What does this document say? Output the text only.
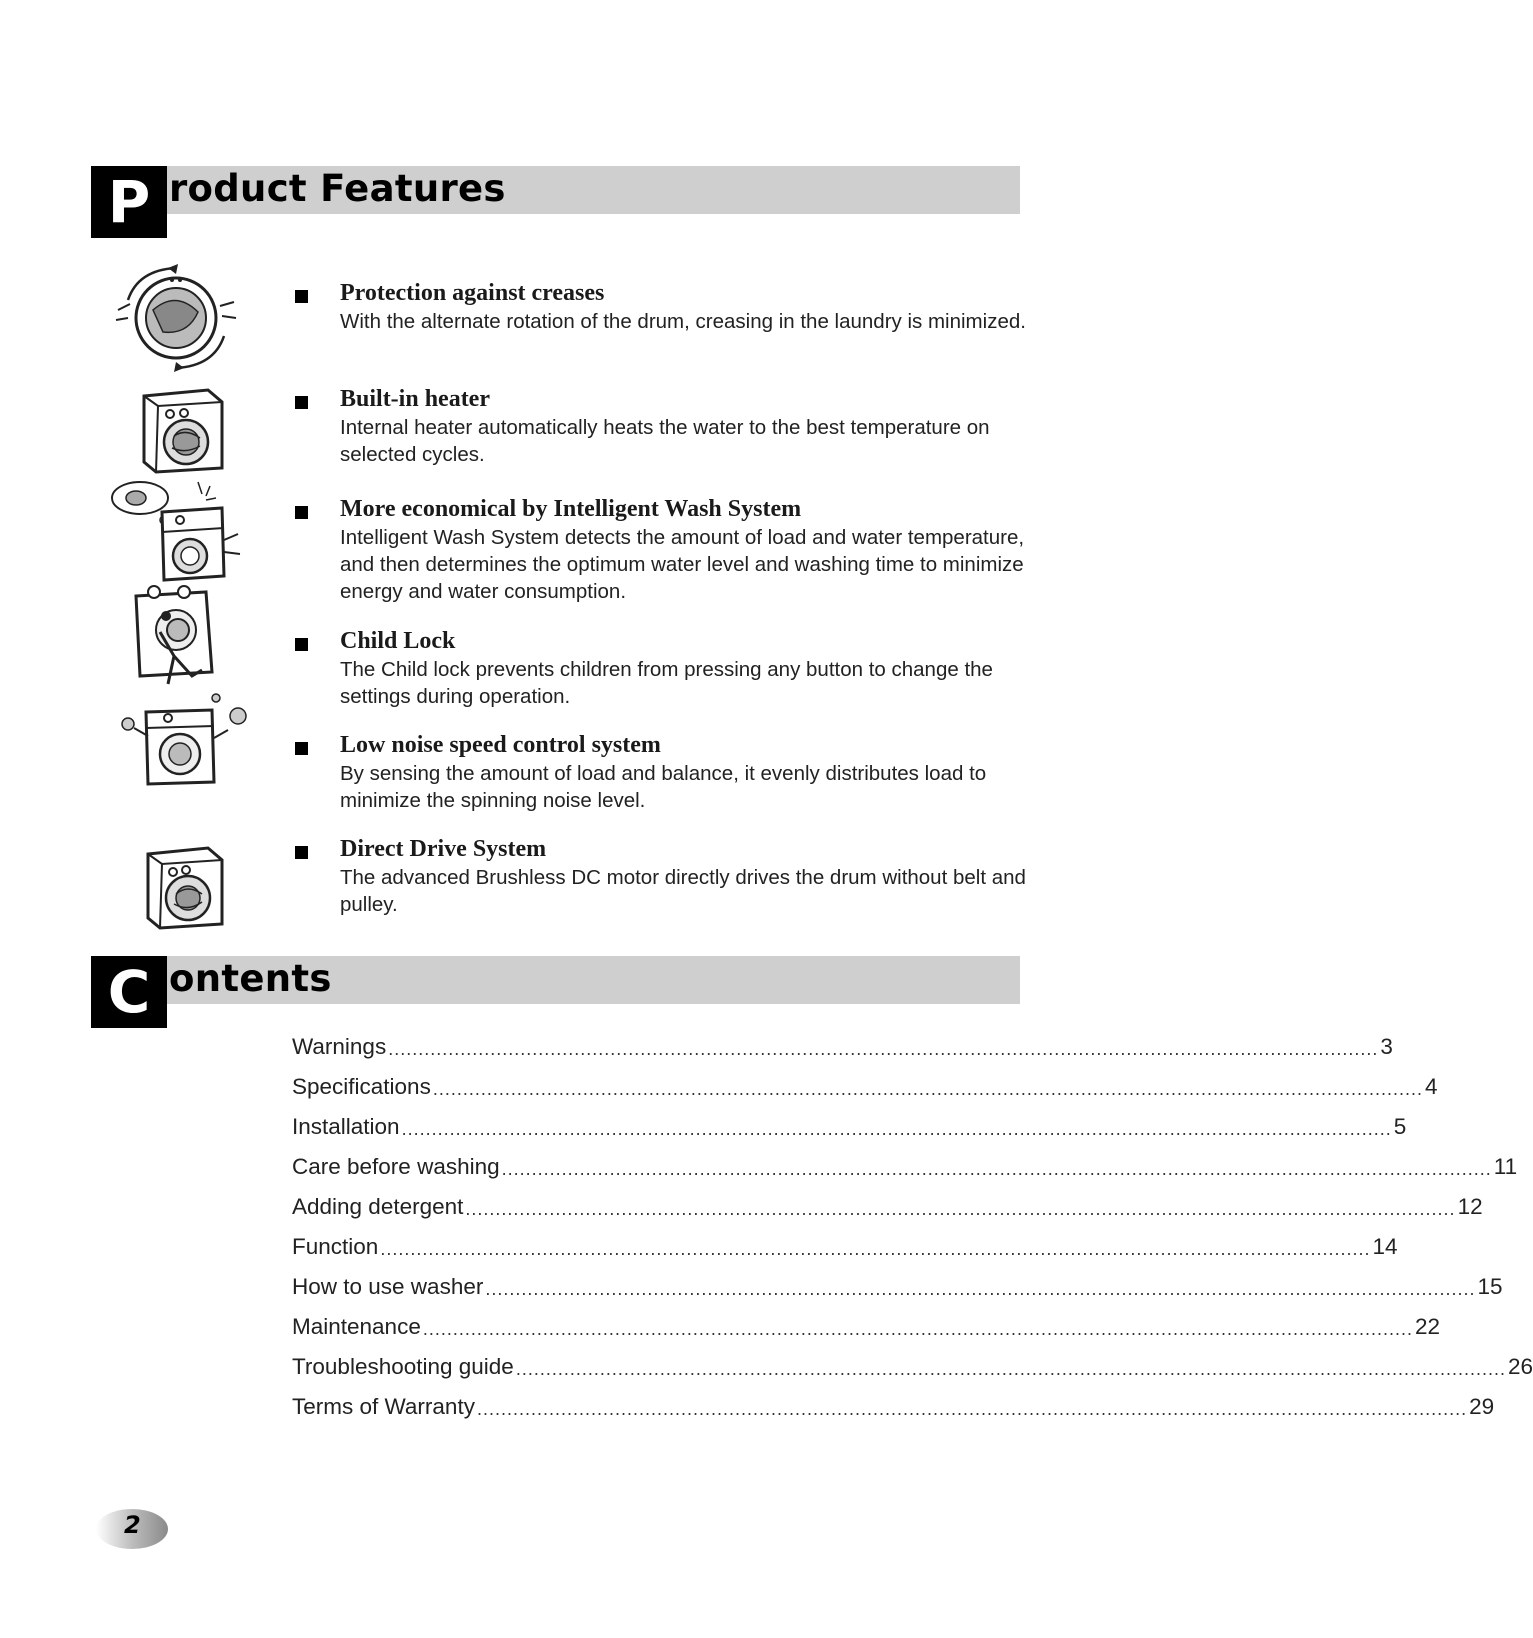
P roduct Features
Protection against creases
With the alternate rotation of the drum, creasing in the laundry is minimized.
Built-in heater
Internal heater automatically heats the water to the best temperature on selected cycles.
More economical by Intelligent Wash System
Intelligent Wash System detects the amount of load and water temperature, and then determines the optimum water level and washing time to minimize energy and water consumption.
Child Lock
The Child lock prevents children from pressing any button to change the settings during operation.
Low noise speed control system
By sensing the amount of load and balance, it evenly distributes load to minimize the spinning noise level.
Direct Drive System
The advanced Brushless DC motor directly drives the drum without belt and pulley.
C ontents
Warnings ..................................................................................................................................................................... 3
Specifications ..................................................................................................................................................................... 4
Installation ..................................................................................................................................................................... 5
Care before washing ..................................................................................................................................................................... 11
Adding detergent ..................................................................................................................................................................... 12
Function ..................................................................................................................................................................... 14
How to use washer ..................................................................................................................................................................... 15
Maintenance ..................................................................................................................................................................... 22
Troubleshooting guide ..................................................................................................................................................................... 26
Terms of Warranty ..................................................................................................................................................................... 29
2
